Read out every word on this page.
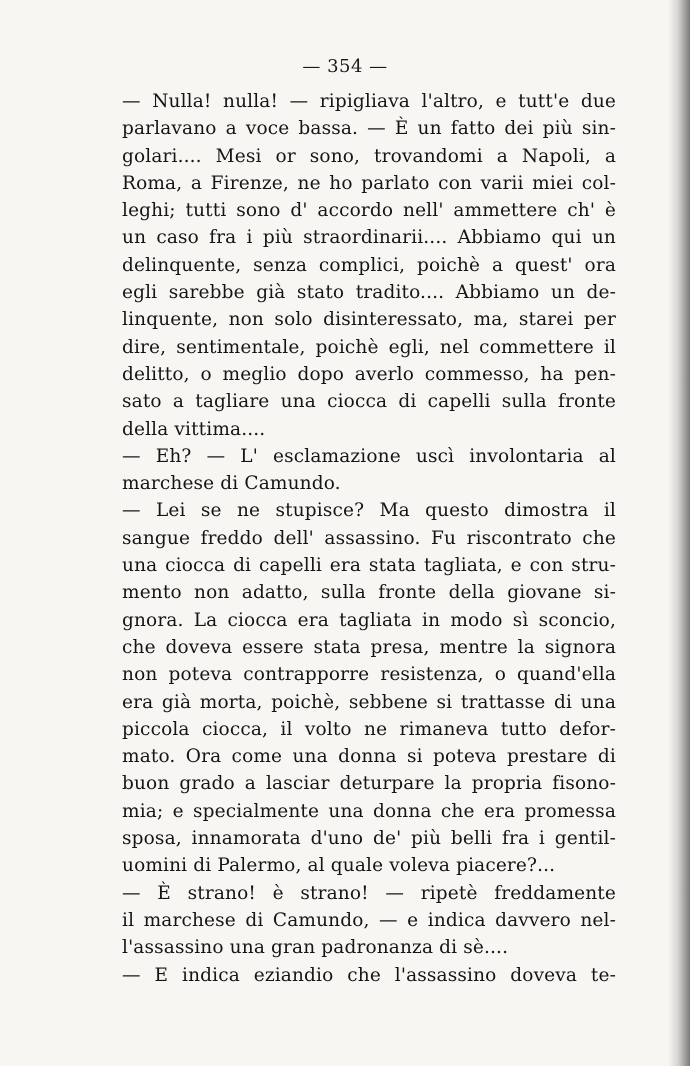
— 354 —
— Nulla! nulla! — ripigliava l'altro, e tutt'e due
parlavano a voce bassa. — È un fatto dei più sin-
golari.... Mesi or sono, trovandomi a Napoli, a
Roma, a Firenze, ne ho parlato con varii miei col-
leghi; tutti sono d' accordo nell' ammettere ch' è
un caso fra i più straordinarii.... Abbiamo qui un
delinquente, senza complici, poichè a quest' ora
egli sarebbe già stato tradito.... Abbiamo un de-
linquente, non solo disinteressato, ma, starei per
dire, sentimentale, poichè egli, nel commettere il
delitto, o meglio dopo averlo commesso, ha pen-
sato a tagliare una ciocca di capelli sulla fronte
della vittima....
— Eh? — L' esclamazione uscì involontaria al
marchese di Camundo.
— Lei se ne stupisce? Ma questo dimostra il
sangue freddo dell' assassino. Fu riscontrato che
una ciocca di capelli era stata tagliata, e con stru-
mento non adatto, sulla fronte della giovane si-
gnora. La ciocca era tagliata in modo sì sconcio,
che doveva essere stata presa, mentre la signora
non poteva contrapporre resistenza, o quand'ella
era già morta, poichè, sebbene si trattasse di una
piccola ciocca, il volto ne rimaneva tutto defor-
mato. Ora come una donna si poteva prestare di
buon grado a lasciar deturpare la propria fisono-
mia; e specialmente una donna che era promessa
sposa, innamorata d'uno de' più belli fra i gentil-
uomini di Palermo, al quale voleva piacere?...
— È strano! è strano! — ripetè freddamente
il marchese di Camundo, — e indica davvero nel-
l'assassino una gran padronanza di sè....
— E indica eziandio che l'assassino doveva te-
